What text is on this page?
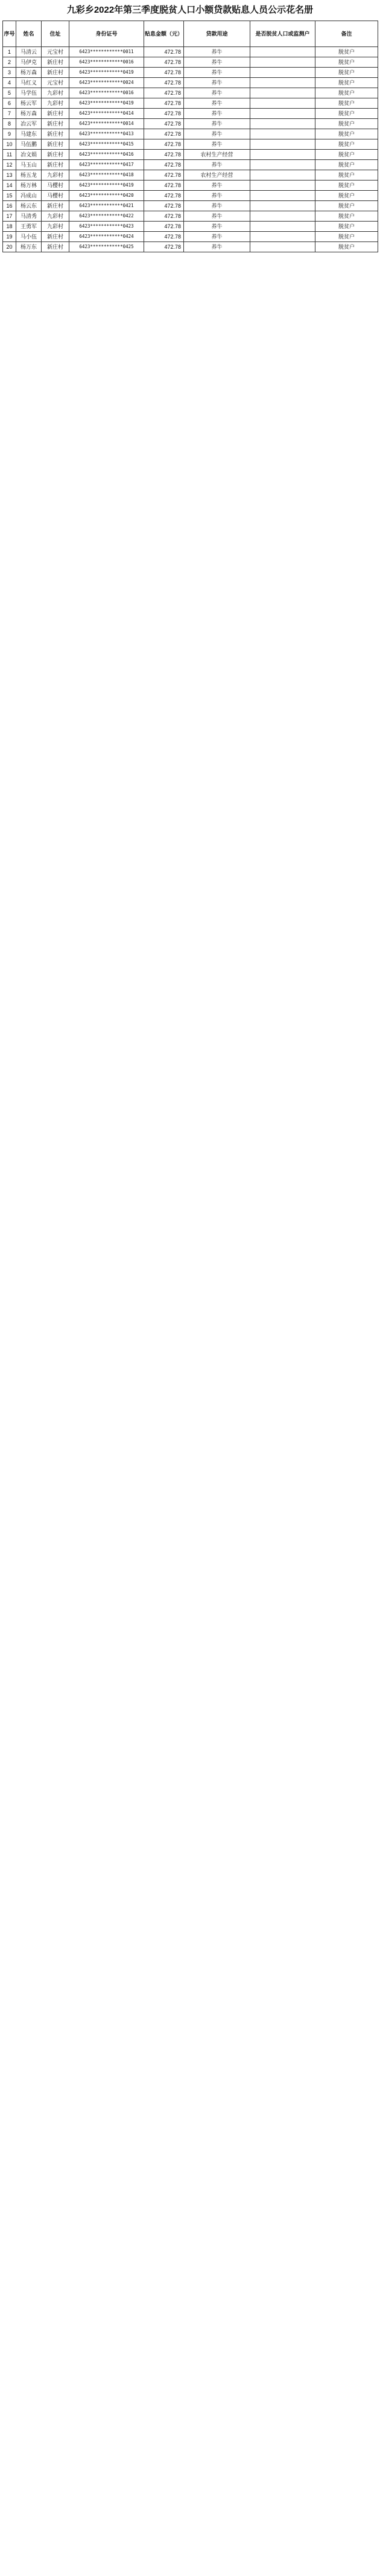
九彩乡2022年第三季度脱贫人口小额贷款贴息人员公示花名册
序号	姓名	住址	身份证号	贴息金额（元）	贷款用途	是否脱贫人口或监测户	备注
1	马清云	元宝村	6423************0011	472.78	养牛		脱贫户
2	马伊克	新庄村	6423************0016	472.78	养牛		脱贫户
3	杨万森	新庄村	6423************0419	472.78	养牛		脱贫户
4	马红义	元宝村	6423************0024	472.78	养牛		脱贫户
5	马学伍	九彩村	6423************0016	472.78	养牛		脱贫户
6	杨云军	九彩村	6423************0419	472.78	养牛		脱贫户
7	杨万森	新庄村	6423************0414	472.78	养牛		脱贫户
8	冶云军	新庄村	6423************0014	472.78	养牛		脱贫户
9	马建东	新庄村	6423************0413	472.78	养牛		脱贫户
10	马伍鹏	新庄村	6423************0415	472.78	养牛		脱贫户
11	冶文娟	新庄村	6423************0416	472.78	农村生产经营		脱贫户
12	马玉山	新庄村	6423************0417	472.78	养牛		脱贫户
13	杨五龙	九彩村	6423************0418	472.78	农村生产经营		脱贫户
14	杨万林	马樱村	6423************0419	472.78	养牛		脱贫户
15	冯成山	马樱村	6423************0420	472.78	养牛		脱贫户
16	杨云东	新庄村	6423************0421	472.78	养牛		脱贫户
17	马清秀	九彩村	6423************0422	472.78	养牛		脱贫户
18	王勇军	九彩村	6423************0423	472.78	养牛		脱贫户
19	马小伍	新庄村	6423************0424	472.78	养牛		脱贫户
20	杨万东	新庄村	6423************0425	472.78	养牛		脱贫户
